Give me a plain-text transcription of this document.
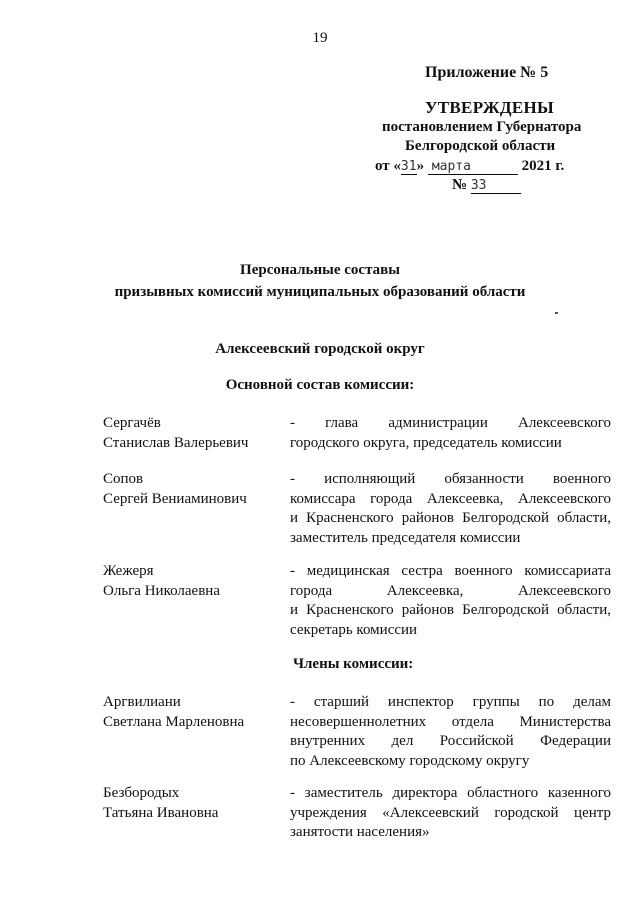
19
Приложение № 5
УТВЕРЖДЕНЫ
постановлением Губернатора
Белгородской области
от «31» марта	2021 г.
№ 33
Персональные составы
призывных комиссий муниципальных образований области
Алексеевский городской округ
Основной состав комиссии:
Сергачёв
Станислав Валерьевич
- глава администрации Алексеевского
городского округа, председатель комиссии
Сопов
Сергей Вениаминович
- исполняющий обязанности военного
комиссара города Алексеевка, Алексеевского
и Красненского районов Белгородской области,
заместитель председателя комиссии
Жежеря
Ольга Николаевна
- медицинская сестра военного комиссариата
города Алексеевка, Алексеевского
и Красненского районов Белгородской области,
секретарь комиссии
Члены комиссии:
Аргвилиани
Светлана Марленовна
- старший инспектор группы по делам
несовершеннолетних отдела Министерства
внутренних дел Российской Федерации
по Алексеевскому городскому округу
Безбородых
Татьяна Ивановна
- заместитель директора областного казенного
учреждения «Алексеевский городской центр
занятости населения»
